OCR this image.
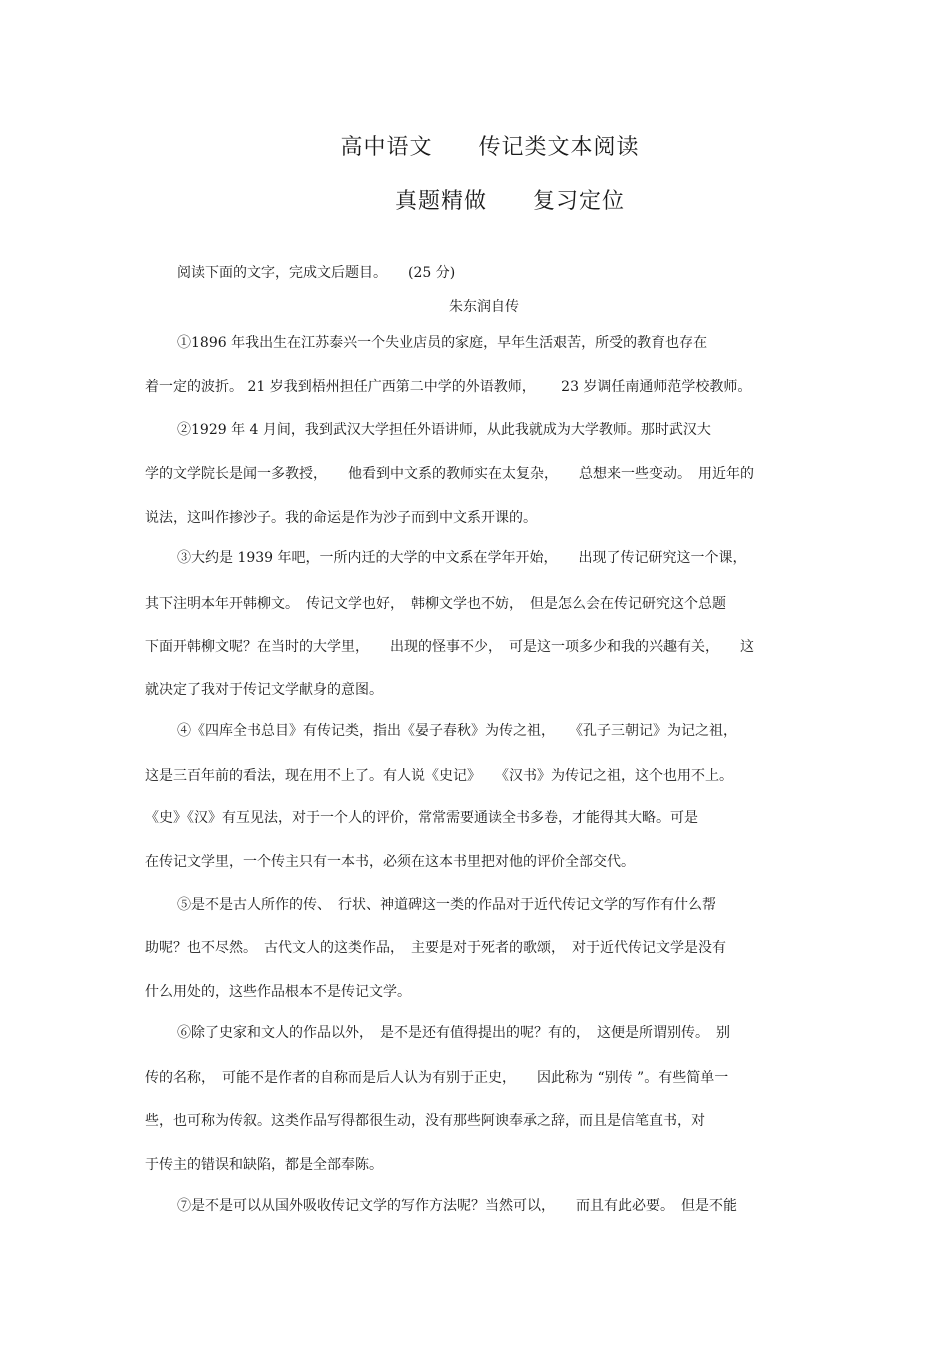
高中语文　　传记类文本阅读
真题精做　　复习定位
阅读下面的文字，完成文后题目。　　(25 分)
朱东润自传
①1896 年我出生在江苏泰兴一个失业店员的家庭，早年生活艰苦，所受的教育也存在
着一定的波折。 21 岁我到梧州担任广西第二中学的外语教师，　　 23 岁调任南通师范学校教师。
②1929 年 4 月间，我到武汉大学担任外语讲师，从此我就成为大学教师。那时武汉大
学的文学院长是闻一多教授，　　他看到中文系的教师实在太复杂，　　总想来一些变动。　用近年的
说法，这叫作掺沙子。我的命运是作为沙子而到中文系开课的。
③大约是 1939 年吧，一所内迁的大学的中文系在学年开始，　　出现了传记研究这一个课，
其下注明本年开韩柳文。　传记文学也好，　韩柳文学也不妨，　但是怎么会在传记研究这个总题
下面开韩柳文呢？在当时的大学里，　　出现的怪事不少，　可是这一项多少和我的兴趣有关，　　这
就决定了我对于传记文学献身的意图。
④《四库全书总目》有传记类，指出《晏子春秋》为传之祖，　　《孔子三朝记》为记之祖，
这是三百年前的看法，现在用不上了。有人说《史记》　　《汉书》为传记之祖，这个也用不上。
《史》《汉》有互见法，对于一个人的评价，常常需要通读全书多卷，才能得其大略。可是
在传记文学里，一个传主只有一本书，必须在这本书里把对他的评价全部交代。
⑤是不是古人所作的传、　行状、神道碑这一类的作品对于近代传记文学的写作有什么帮
助呢？也不尽然。　古代文人的这类作品，　主要是对于死者的歌颂，　对于近代传记文学是没有
什么用处的，这些作品根本不是传记文学。
⑥除了史家和文人的作品以外，　是不是还有值得提出的呢？有的，　这便是所谓别传。　别
传的名称，　可能不是作者的自称而是后人认为有别于正史，　　因此称为 “别传 ”。有些简单一
些，也可称为传叙。这类作品写得都很生动，没有那些阿谀奉承之辞，而且是信笔直书，对
于传主的错误和缺陷，都是全部奉陈。
⑦是不是可以从国外吸收传记文学的写作方法呢？当然可以，　　而且有此必要。　但是不能
